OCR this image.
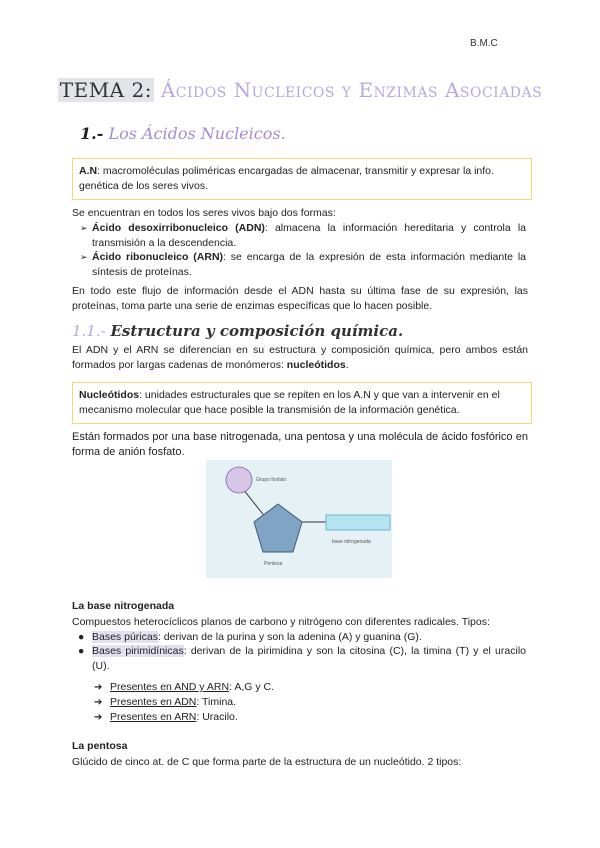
B.M.C
TEMA 2: Ácidos Nucleicos y Enzimas Asociadas
1.- Los Ácidos Nucleicos.
A.N: macromoléculas poliméricas encargadas de almacenar, transmitir y expresar la info. genética de los seres vivos.
Se encuentran en todos los seres vivos bajo dos formas:
➢ Ácido desoxirribonucleico (ADN): almacena la información hereditaria y controla la transmisión a la descendencia.
➢ Ácido ribonucleico (ARN): se encarga de la expresión de esta información mediante la síntesis de proteínas.
En todo este flujo de información desde el ADN hasta su última fase de su expresión, las proteínas, toma parte una serie de enzimas específicas que lo hacen posible.
1.1.- Estructura y composición química.
El ADN y el ARN se diferencian en su estructura y composición química, pero ambos están formados por largas cadenas de monómeros: nucleótidos.
Nucleótidos: unidades estructurales que se repiten en los A.N y que van a intervenir en el mecanismo molecular que hace posible la transmisión de la información genética.
Están formados por una base nitrogenada, una pentosa y una molécula de ácido fosfórico en forma de anión fosfato.
Grupo fosfato
base nitrogenada
Pentosa
La base nitrogenada
Compuestos heterocíclicos planos de carbono y nitrógeno con diferentes radicales. Tipos:
● Bases púricas: derivan de la purina y son la adenina (A) y guanina (G).
● Bases pirimidínicas: derivan de la pirimidina y son la citosina (C), la timina (T) y el uracilo (U).
➔ Presentes en AND y ARN: A,G y C.
➔ Presentes en ADN: Timina.
➔ Presentes en ARN: Uracilo.
La pentosa
Glúcido de cinco at. de C que forma parte de la estructura de un nucleótido. 2 tipos:
